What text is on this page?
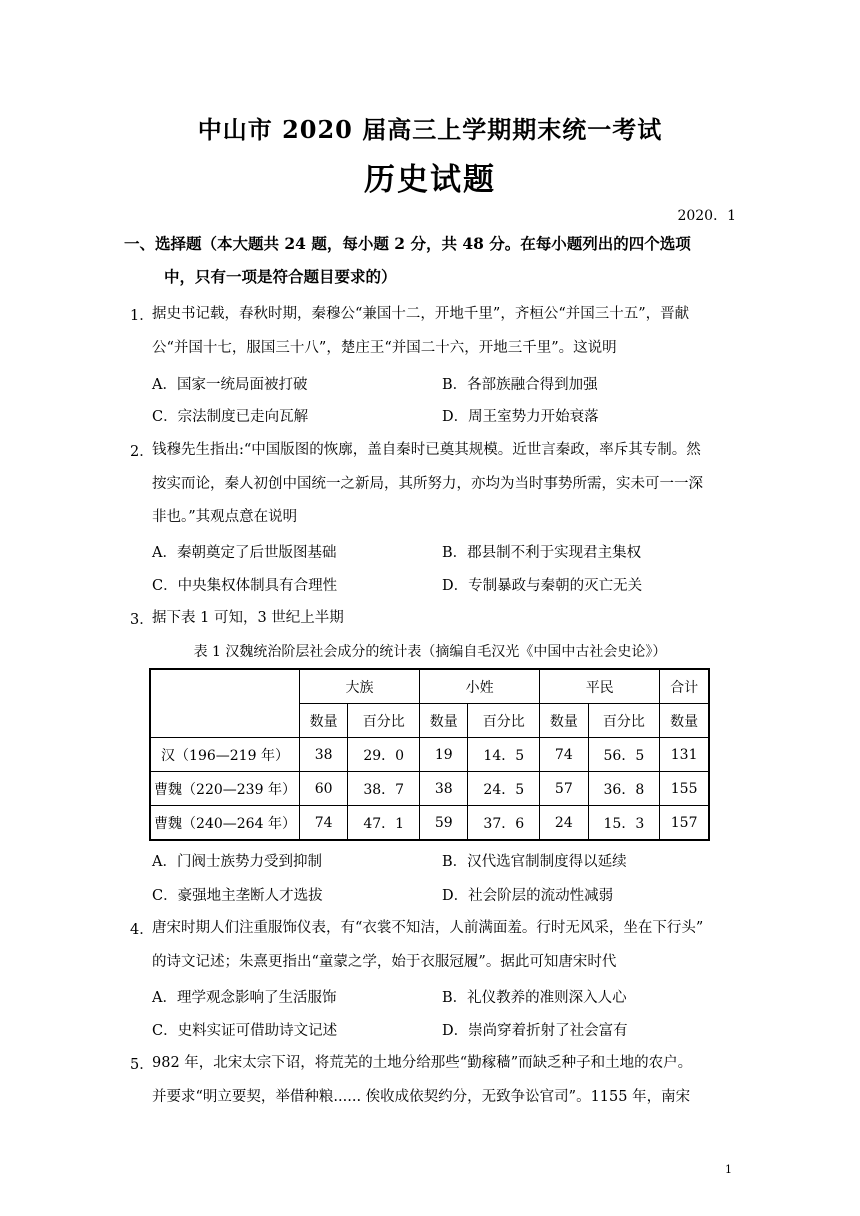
中山市 2020 届高三上学期期末统一考试
历史试题
2020．1
一、选择题（本大题共 24 题，每小题 2 分，共 48 分。在每小题列出的四个选项
中，只有一项是符合题目要求的）
1．
据史书记载，春秋时期，秦穆公“兼国十二，开地千里”，齐桓公“并国三十五”，晋献
公“并国十七，服国三十八”，楚庄王“并国二十六，开地三千里”。这说明
A．国家一统局面被打破	B．各部族融合得到加强
C．宗法制度已走向瓦解	D．周王室势力开始衰落
2．
钱穆先生指出:“中国版图的恢廓，盖自秦时已奠其规模。近世言秦政，率斥其专制。然
按实而论，秦人初创中国统一之新局，其所努力，亦均为当时事势所需，实未可一一深
非也。”其观点意在说明
A．秦朝奠定了后世版图基础	B．郡县制不利于实现君主集权
C．中央集权体制具有合理性	D．专制暴政与秦朝的灭亡无关
3．
据下表 1 可知，3 世纪上半期
表 1 汉魏统治阶层社会成分的统计表（摘编自毛汉光《中国中古社会史论》）
	大族		小姓		平民		合计
	数量	百分比	数量	百分比	数量	百分比	数量
汉（196—219 年）	38	29．0	19	14．5	74	56．5	131
曹魏（220—239 年）	60	38．7	38	24．5	57	36．8	155
曹魏（240—264 年）	74	47．1	59	37．6	24	15．3	157
A．门阀士族势力受到抑制	B．汉代选官制制度得以延续
C．豪强地主垄断人才选拔	D．社会阶层的流动性减弱
4．
唐宋时期人们注重服饰仪表，有“衣裳不知洁，人前满面羞。行时无风采，坐在下行头”
的诗文记述；朱熹更指出“童蒙之学，始于衣服冠履”。据此可知唐宋时代
A．理学观念影响了生活服饰	B．礼仪教养的准则深入人心
C．史料实证可借助诗文记述	D．崇尚穿着折射了社会富有
5．
982 年，北宋太宗下诏，将荒芜的土地分给那些“勤稼穑”而缺乏种子和土地的农户。
并要求“明立要契，举借种粮...... 俟收成依契约分，无致争讼官司”。1155 年，南宋
1
